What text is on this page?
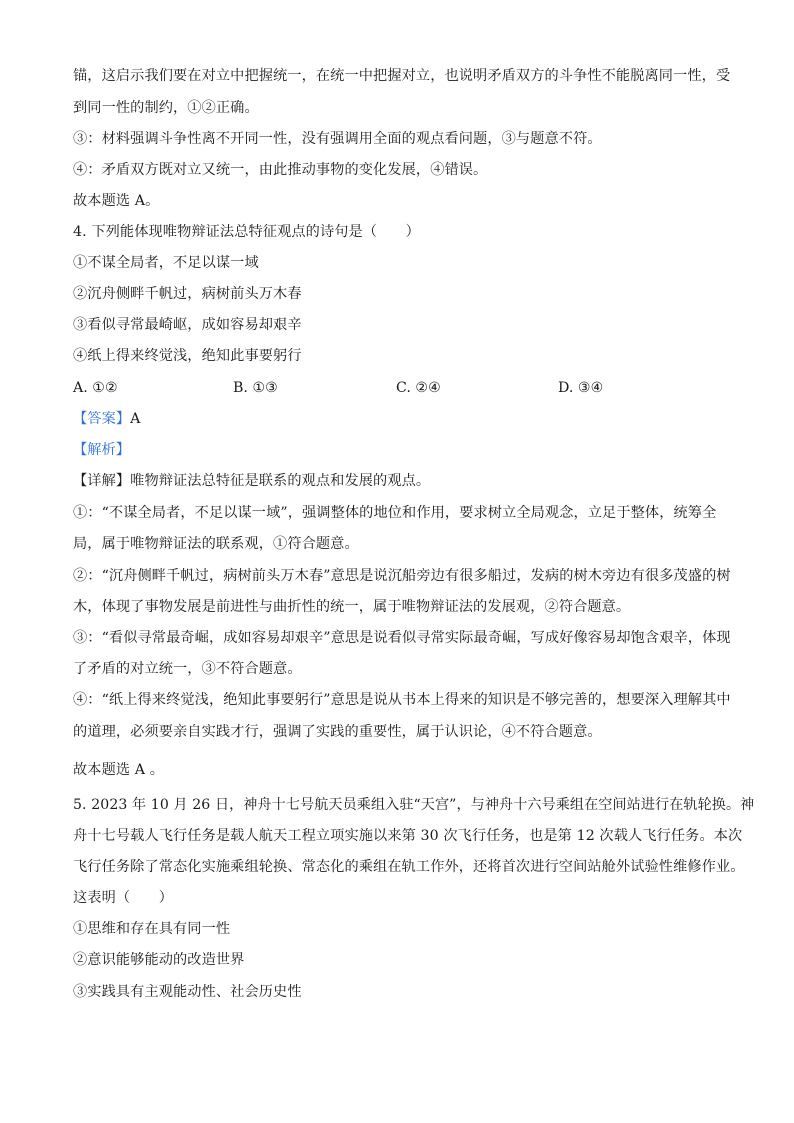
锚，这启示我们要在对立中把握统一，在统一中把握对立，也说明矛盾双方的斗争性不能脱离同一性，受
到同一性的制约，①②正确。
③：材料强调斗争性离不开同一性，没有强调用全面的观点看问题，③与题意不符。
④：矛盾双方既对立又统一，由此推动事物的变化发展，④错误。
故本题选 A。
4. 下列能体现唯物辩证法总特征观点的诗句是（　　）
①不谋全局者，不足以谋一域
②沉舟侧畔千帆过，病树前头万木春
③看似寻常最崎岖，成如容易却艰辛
④纸上得来终觉浅，绝知此事要躬行
A. ①②	B. ①③	C. ②④	D. ③④
【答案】A
【解析】
【详解】唯物辩证法总特征是联系的观点和发展的观点。
①：“不谋全局者，不足以谋一域”，强调整体的地位和作用，要求树立全局观念，立足于整体，统筹全
局，属于唯物辩证法的联系观，①符合题意。
②：“沉舟侧畔千帆过，病树前头万木春”意思是说沉船旁边有很多船过，发病的树木旁边有很多茂盛的树
木，体现了事物发展是前进性与曲折性的统一，属于唯物辩证法的发展观，②符合题意。
③：“看似寻常最奇崛，成如容易却艰辛”意思是说看似寻常实际最奇崛，写成好像容易却饱含艰辛，体现
了矛盾的对立统一，③不符合题意。
④：“纸上得来终觉浅，绝知此事要躬行”意思是说从书本上得来的知识是不够完善的，想要深入理解其中
的道理，必须要亲自实践才行，强调了实践的重要性，属于认识论，④不符合题意。
故本题选 A 。
5. 2023 年 10 月 26 日，神舟十七号航天员乘组入驻“天宫”，与神舟十六号乘组在空间站进行在轨轮换。神
舟十七号载人飞行任务是载人航天工程立项实施以来第 30 次飞行任务，也是第 12 次载人飞行任务。本次
飞行任务除了常态化实施乘组轮换、常态化的乘组在轨工作外，还将首次进行空间站舱外试验性维修作业。
这表明（　　）
①思维和存在具有同一性
②意识能够能动的改造世界
③实践具有主观能动性、社会历史性
